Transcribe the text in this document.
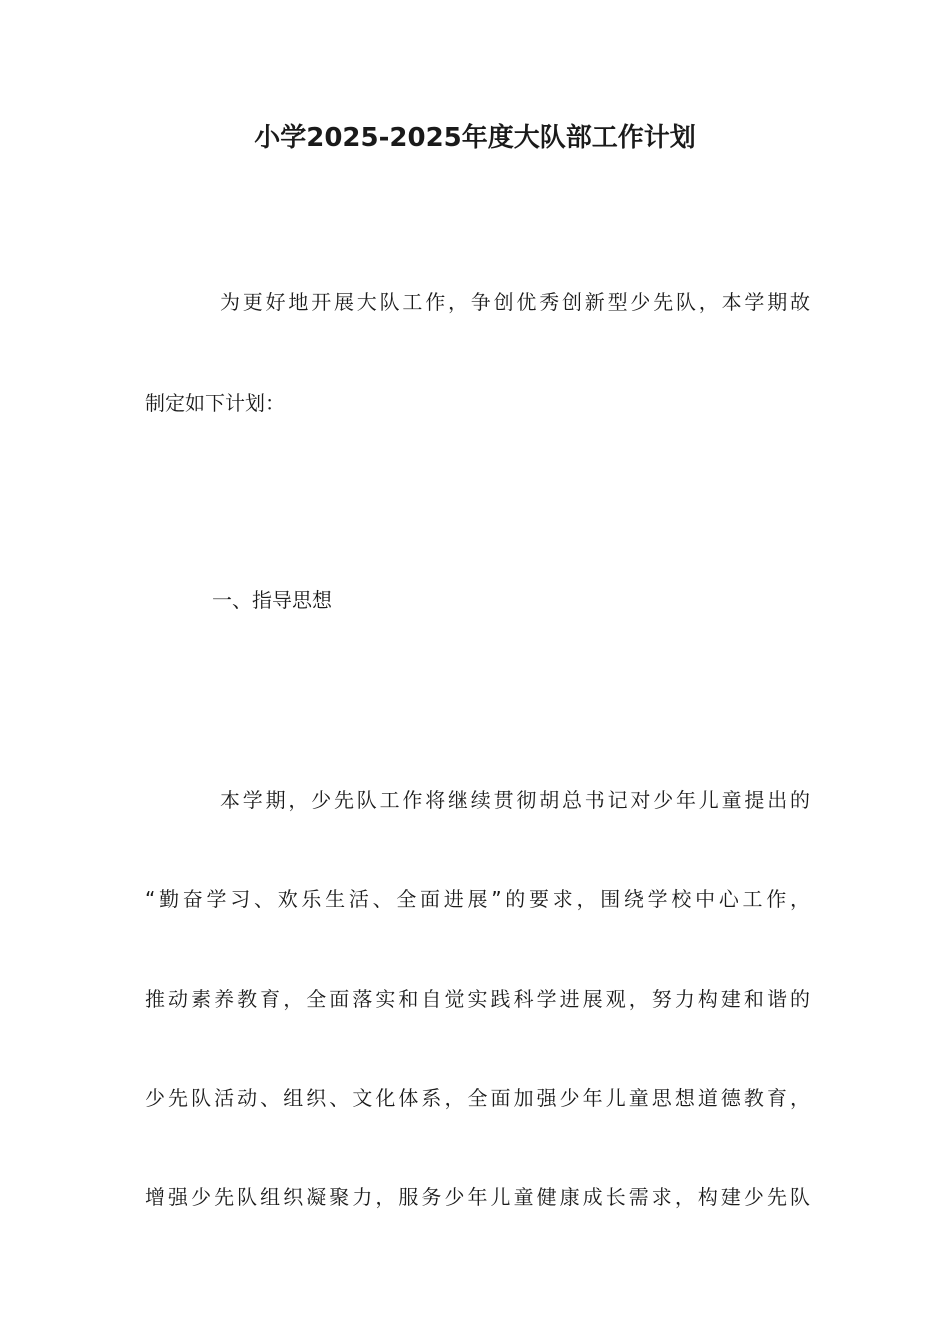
小学2025-2025年度大队部工作计划
为更好地开展大队工作，争创优秀创新型少先队，本学期故
制定如下计划：
一、指导思想
本学期，少先队工作将继续贯彻胡总书记对少年儿童提出的
“勤奋学习、欢乐生活、全面进展”的要求，围绕学校中心工作，
推动素养教育，全面落实和自觉实践科学进展观，努力构建和谐的
少先队活动、组织、文化体系，全面加强少年儿童思想道德教育，
增强少先队组织凝聚力，服务少年儿童健康成长需求，构建少先队
